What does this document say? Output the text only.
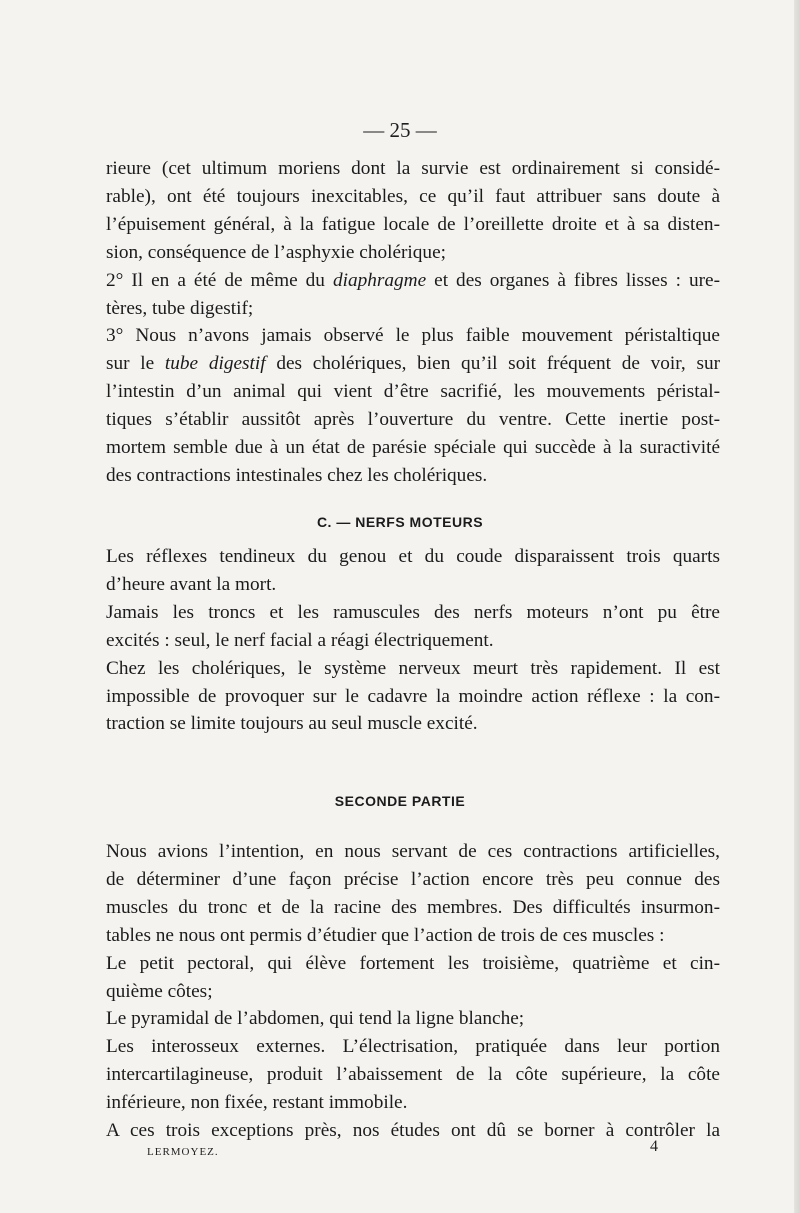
— 25 —
rieure (cet ultimum moriens dont la survie est ordinairement si considé-
rable), ont été toujours inexcitables, ce qu’il faut attribuer sans doute à
l’épuisement général, à la fatigue locale de l’oreillette droite et à sa disten-
sion, conséquence de l’asphyxie cholérique;
2° Il en a été de même du diaphragme et des organes à fibres lisses : ure-
tères, tube digestif;
3° Nous n’avons jamais observé le plus faible mouvement péristaltique
sur le tube digestif des cholériques, bien qu’il soit fréquent de voir, sur
l’intestin d’un animal qui vient d’être sacrifié, les mouvements péristal-
tiques s’établir aussitôt après l’ouverture du ventre. Cette inertie post-
mortem semble due à un état de parésie spéciale qui succède à la suractivité
des contractions intestinales chez les cholériques.
C. — NERFS MOTEURS
Les réflexes tendineux du genou et du coude disparaissent trois quarts
d’heure avant la mort.
Jamais les troncs et les ramuscules des nerfs moteurs n’ont pu être
excités : seul, le nerf facial a réagi électriquement.
Chez les cholériques, le système nerveux meurt très rapidement. Il est
impossible de provoquer sur le cadavre la moindre action réflexe : la con-
traction se limite toujours au seul muscle excité.
SECONDE PARTIE
Nous avions l’intention, en nous servant de ces contractions artificielles,
de déterminer d’une façon précise l’action encore très peu connue des
muscles du tronc et de la racine des membres. Des difficultés insurmon-
tables ne nous ont permis d’étudier que l’action de trois de ces muscles :
Le petit pectoral, qui élève fortement les troisième, quatrième et cin-
quième côtes;
Le pyramidal de l’abdomen, qui tend la ligne blanche;
Les interosseux externes. L’électrisation, pratiquée dans leur portion
intercartilagineuse, produit l’abaissement de la côte supérieure, la côte
inférieure, non fixée, restant immobile.
A ces trois exceptions près, nos études ont dû se borner à contrôler la
LERMOYEZ.	4
